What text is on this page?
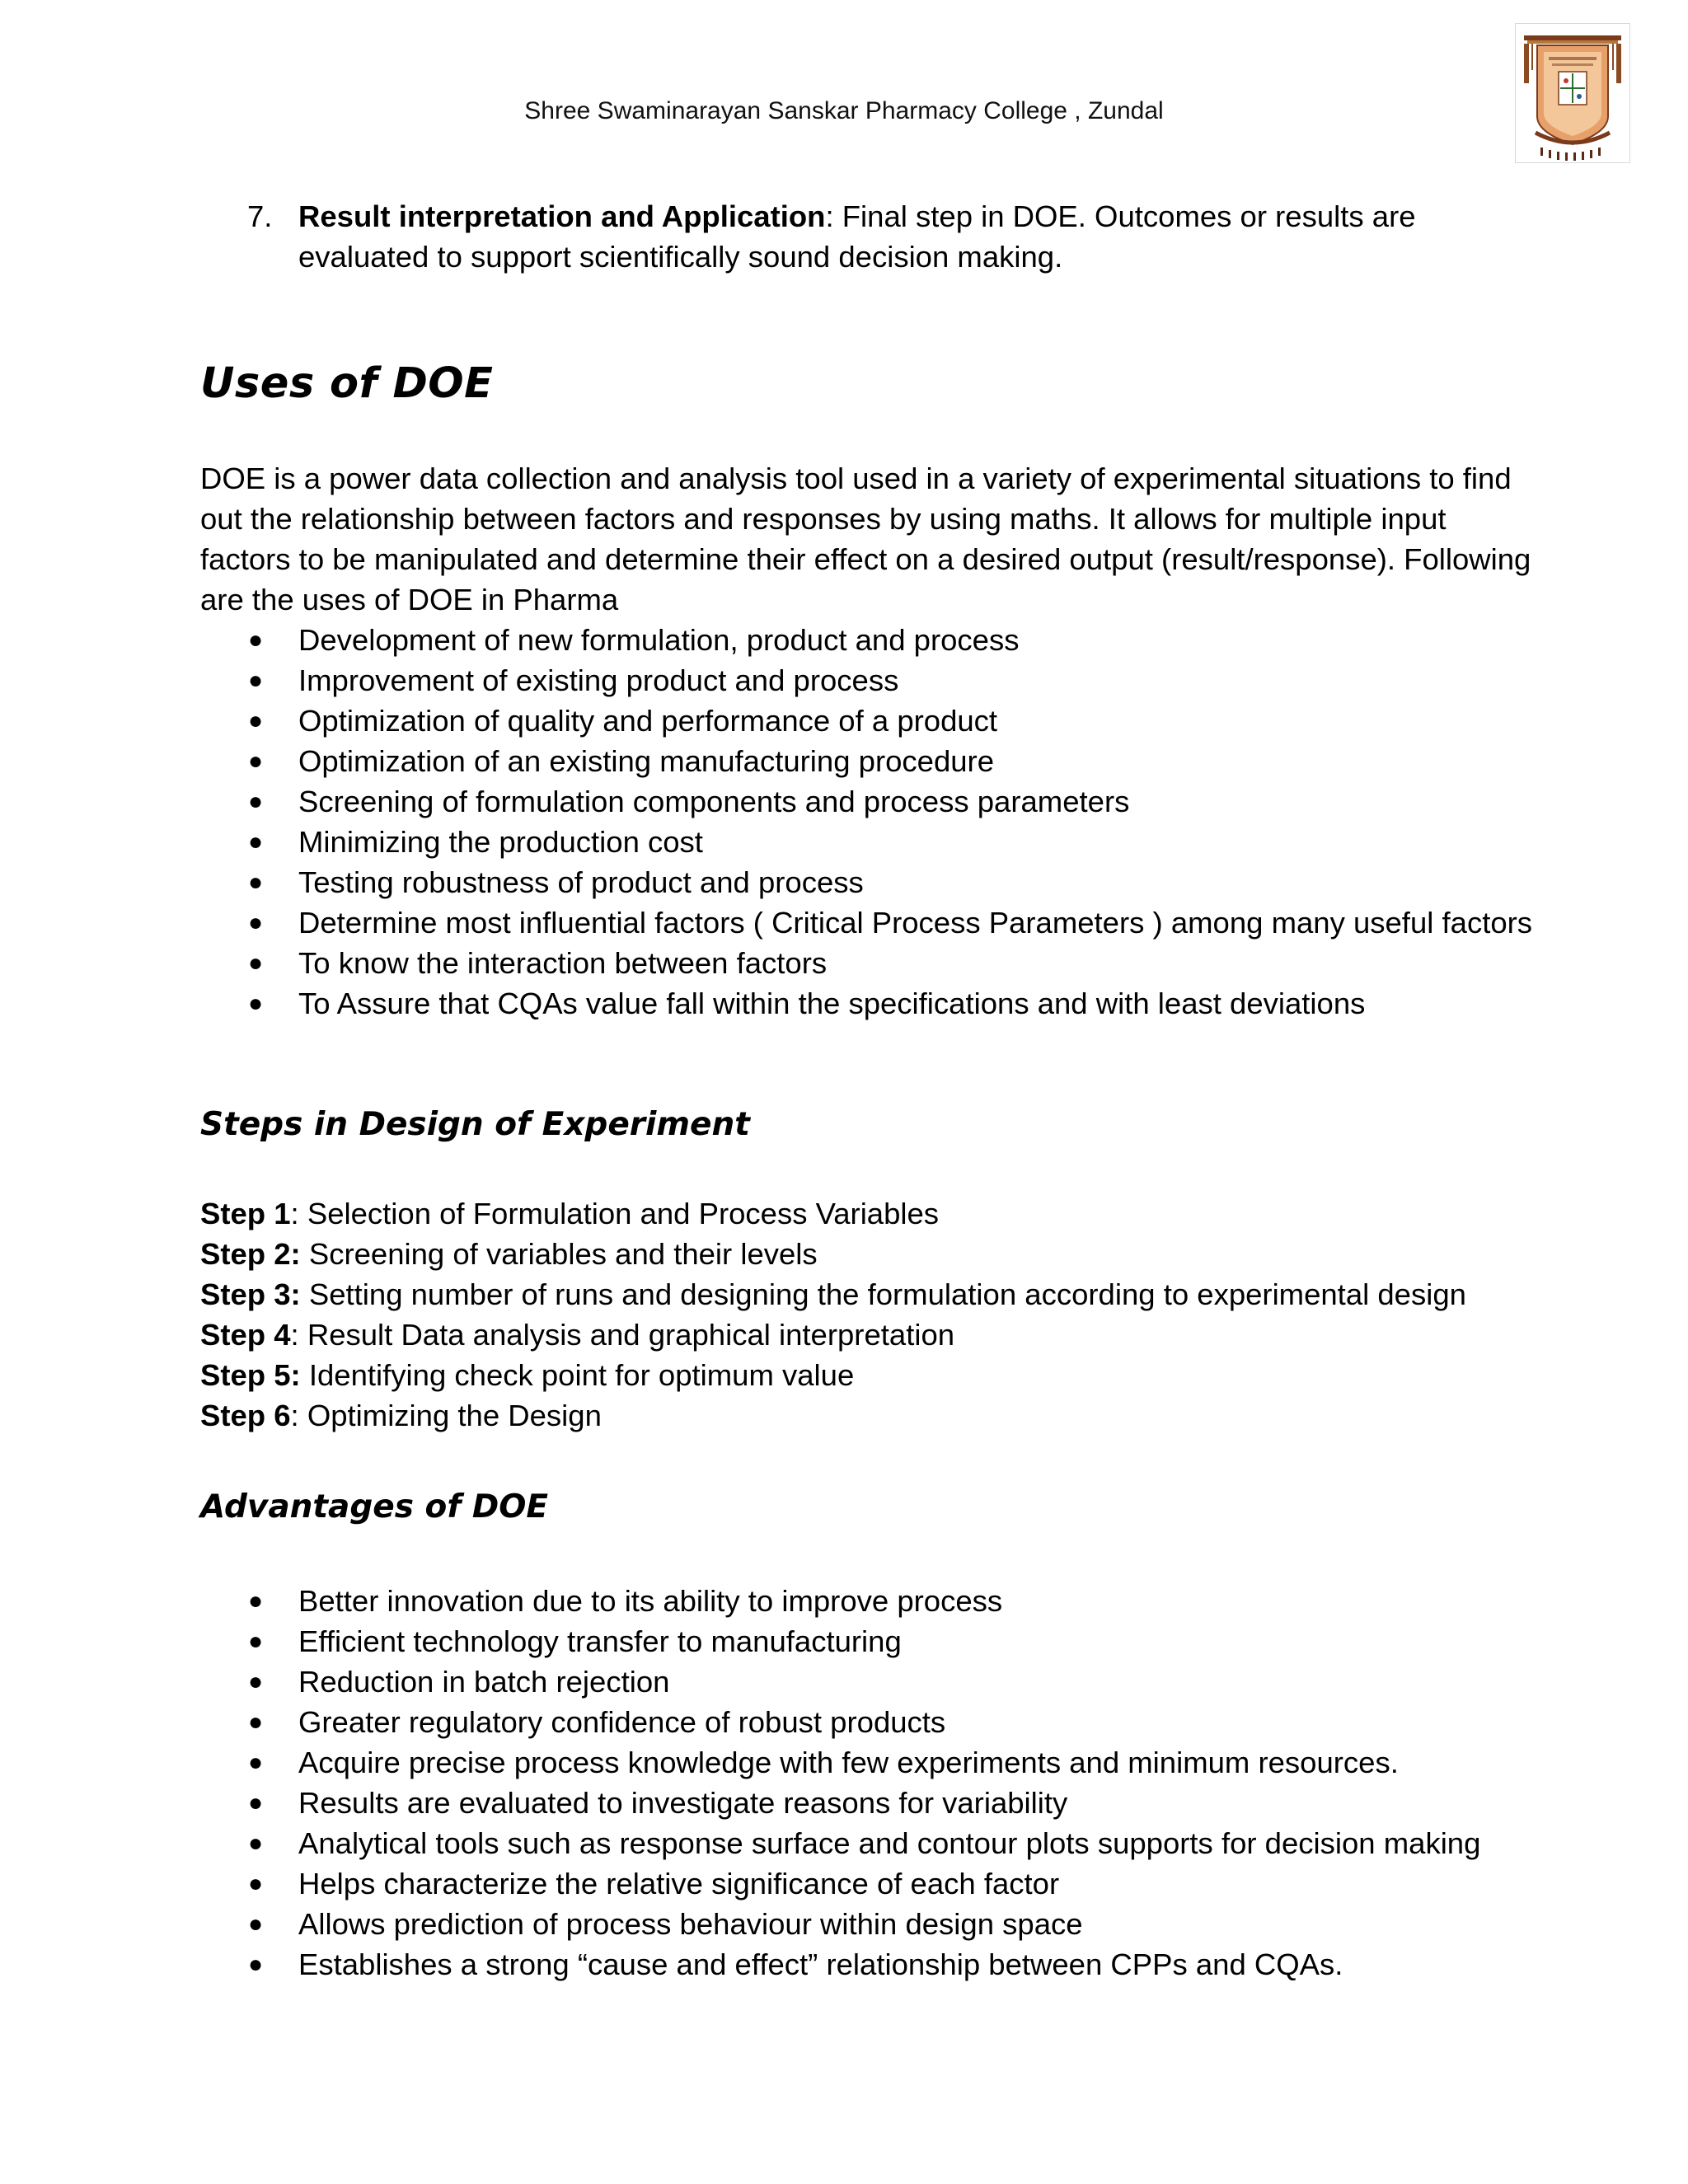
Shree Swaminarayan Sanskar Pharmacy College , Zundal
7. Result interpretation and Application: Final step in DOE. Outcomes or results are evaluated to support scientifically sound decision making.
Uses of DOE

DOE is a power data collection and analysis tool used in a variety of experimental situations to find out the relationship between factors and responses by using maths. It allows for multiple input factors to be manipulated and determine their effect on a desired output (result/response). Following are the uses of DOE in Pharma

● Development of new formulation, product and process
● Improvement of existing product and process
● Optimization of quality and performance of a product
● Optimization of an existing manufacturing procedure
● Screening of formulation components and process parameters
● Minimizing the production cost
● Testing robustness of product and process
● Determine most influential factors ( Critical Process Parameters ) among many useful factors
● To know the interaction between factors
● To Assure that CQAs value fall within the specifications and with least deviations
Steps in Design of Experiment
Step 1: Selection of Formulation and Process Variables
Step 2: Screening of variables and their levels
Step 3: Setting number of runs and designing the formulation according to experimental design
Step 4: Result Data analysis and graphical interpretation
Step 5: Identifying check point for optimum value
Step 6: Optimizing the Design
Advantages of DOE
● Better innovation due to its ability to improve process
● Efficient technology transfer to manufacturing
● Reduction in batch rejection
● Greater regulatory confidence of robust products
● Acquire precise process knowledge with few experiments and minimum resources.
● Results are evaluated to investigate reasons for variability
● Analytical tools such as response surface and contour plots supports for decision making
● Helps characterize the relative significance of each factor
● Allows prediction of process behaviour within design space
● Establishes a strong “cause and effect” relationship between CPPs and CQAs.
